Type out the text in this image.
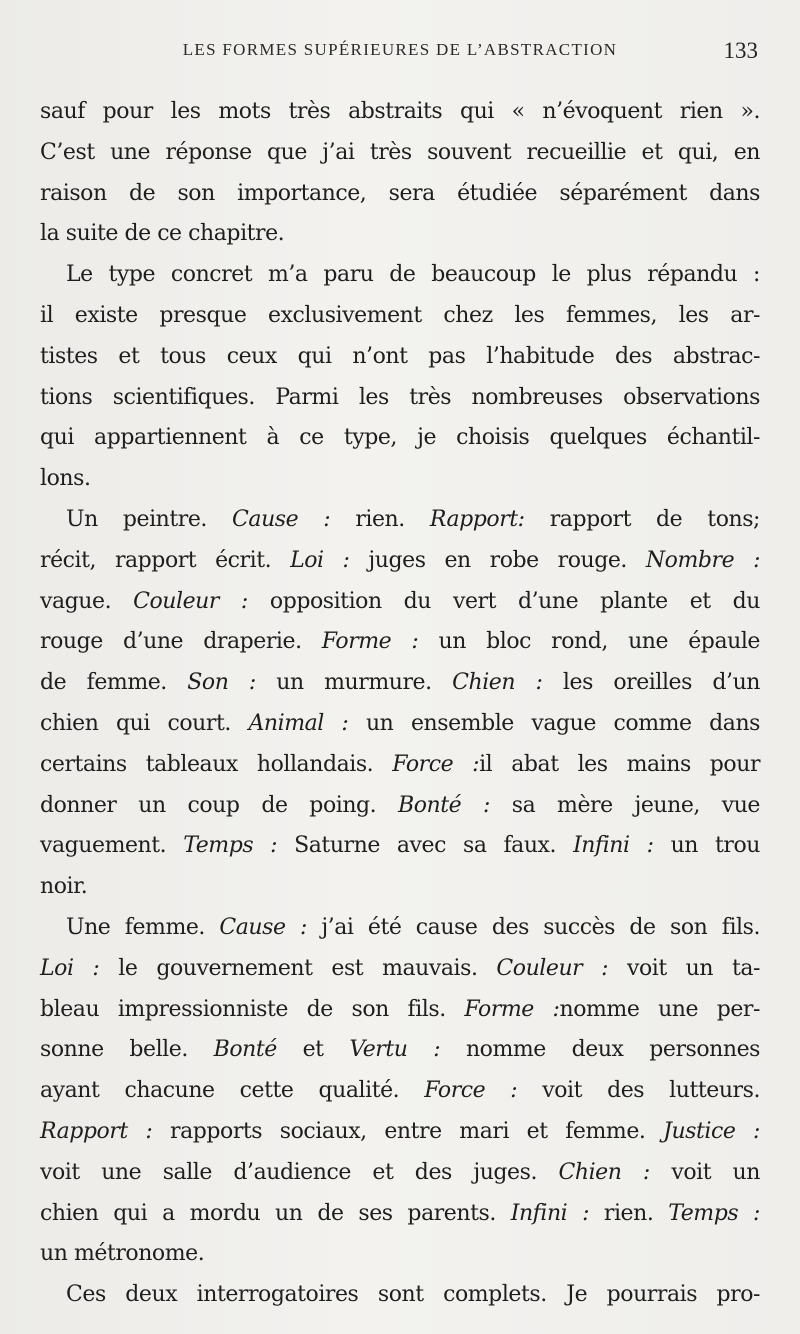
LES FORMES SUPÉRIEURES DE L’ABSTRACTION	133
sauf pour les mots très abstraits qui « n’évoquent rien ».
C’est une réponse que j’ai très souvent recueillie et qui, en
raison de son importance, sera étudiée séparément dans
la suite de ce chapitre.
Le type concret m’a paru de beaucoup le plus répandu :
il existe presque exclusivement chez les femmes, les ar-
tistes et tous ceux qui n’ont pas l’habitude des abstrac-
tions scientifiques. Parmi les très nombreuses observations
qui appartiennent à ce type, je choisis quelques échantil-
lons.
Un peintre. Cause : rien. Rapport: rapport de tons;
récit, rapport écrit. Loi : juges en robe rouge. Nombre :
vague. Couleur : opposition du vert d’une plante et du
rouge d’une draperie. Forme : un bloc rond, une épaule
de femme. Son : un murmure. Chien : les oreilles d’un
chien qui court. Animal : un ensemble vague comme dans
certains tableaux hollandais. Force :il abat les mains pour
donner un coup de poing. Bonté : sa mère jeune, vue
vaguement. Temps : Saturne avec sa faux. Infini : un trou
noir.
Une femme. Cause : j’ai été cause des succès de son fils.
Loi : le gouvernement est mauvais. Couleur : voit un ta-
bleau impressionniste de son fils. Forme :nomme une per-
sonne belle. Bonté et Vertu : nomme deux personnes
ayant chacune cette qualité. Force : voit des lutteurs.
Rapport : rapports sociaux, entre mari et femme. Justice :
voit une salle d’audience et des juges. Chien : voit un
chien qui a mordu un de ses parents. Infini : rien. Temps :
un métronome.
Ces deux interrogatoires sont complets. Je pourrais pro-
